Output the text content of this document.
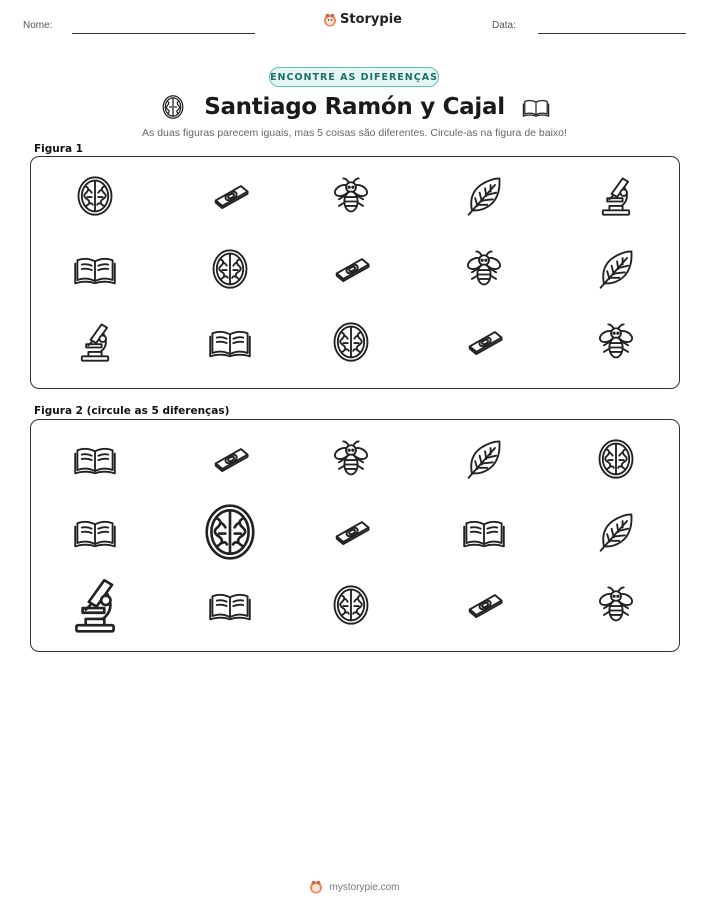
Nome:	Storypie	Data:
ENCONTRE AS DIFERENÇAS
Santiago Ramón y Cajal
As duas figuras parecem iguais, mas 5 coisas são diferentes. Circule-as na figura de baixo!
Figura 1
Figura 2 (circule as 5 diferenças)
mystorypie.com
